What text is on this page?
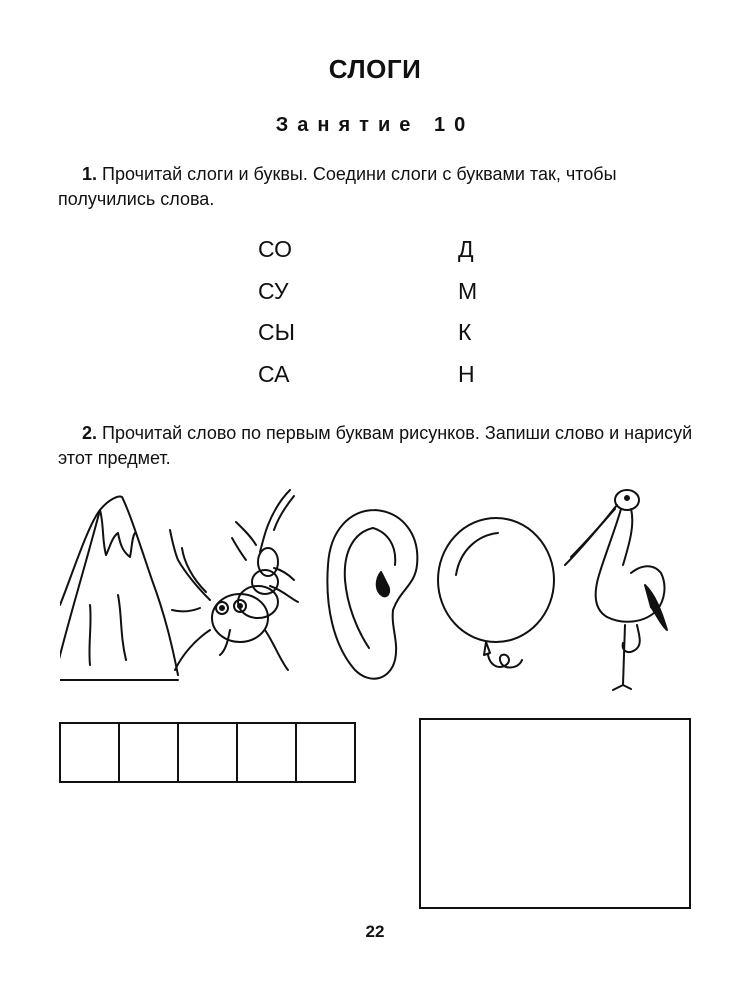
СЛОГИ
Занятие 10
1. Прочитай слоги и буквы. Соедини слоги с буквами так, чтобы получились слова.
СО
СУ
СЫ
СА
Д
М
К
Н
2. Прочитай слово по первым буквам рисунков. Запиши слово и нарисуй этот предмет.
22
